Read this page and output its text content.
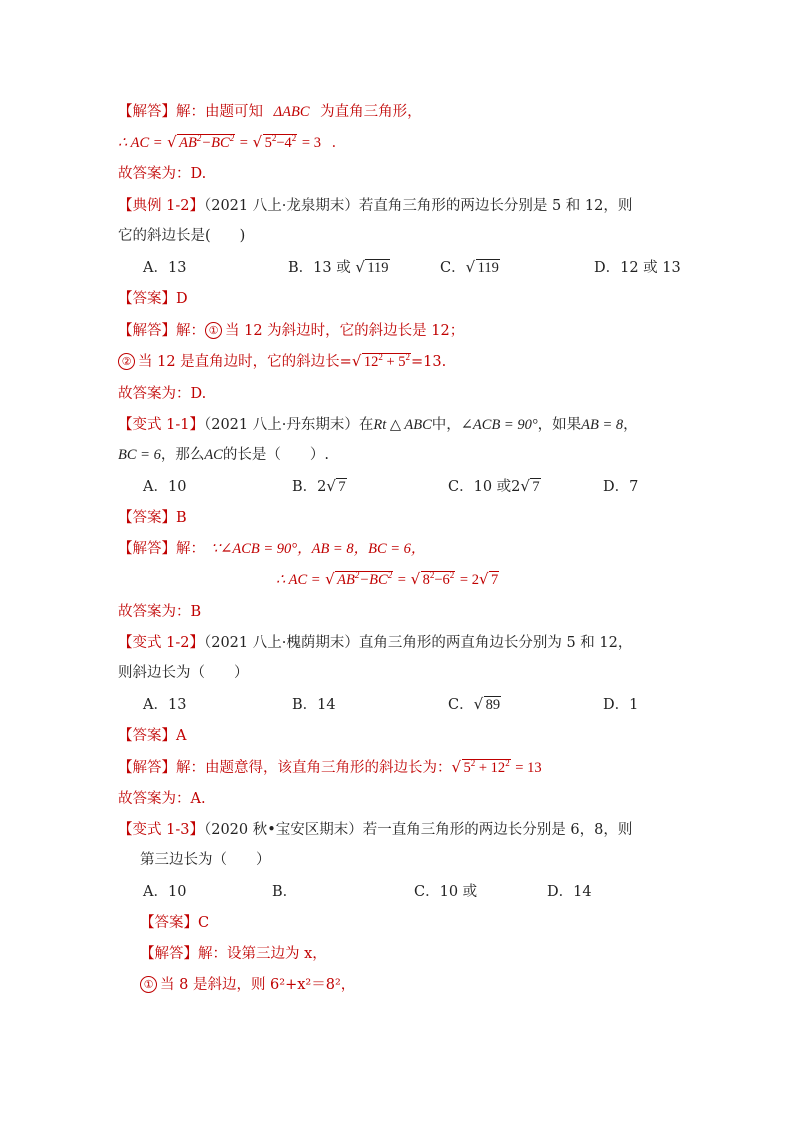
【解答】解：由题可知 ΔABC 为直角三角形，
∴ AC = √ $AB^2-BC^2$ = √ $5^2-4^2 = 3$ ．
故答案为：D.
【典例 1-2】（2021 八上·龙泉期末）若直角三角形的两边长分别是 5 和 12，则
它的斜边长是(　　)
A．13	B．13 或 √ 119	C．√ 119	D．12 或 13
【答案】D
【解答】解： ① 当 12 为斜边时，它的斜边长是 12；
② 当 12 是直角边时，它的斜边长=√ $12^2 + 5^2=13$.
故答案为：D.
【变式 1-1】（2021 八上·丹东期末）在Rt △ ABC中，∠ACB = 90°，如果AB = 8，
BC = 6，那么AC的长是（　　）.
A．10	B．2√ 7	C．10 或2√ 7	D．7
【答案】B
【解答】解： ∵∠ACB = 90°，AB = 8，BC = 6，
∴ AC = √ $AB^2-BC^2$ = √ $8^2-6^2 = 2√$ 7
故答案为：B
【变式 1-2】（2021 八上·槐荫期末）直角三角形的两直角边长分别为 5 和 12，
则斜边长为（　　）
A．13	B．14	C．√ 89	D．1
【答案】A
【解答】解：由题意得，该直角三角形的斜边长为：√ $5^2 + 12^2 = 13$
故答案为：A.
【变式 1-3】（2020 秋•宝安区期末）若一直角三角形的两边长分别是 6，8，则
第三边长为（　　）
A．10	B．	C．10 或	D．14
【答案】C
【解答】解：设第三边为 x，
① 当 8 是斜边，则 6²+x²＝8²，
